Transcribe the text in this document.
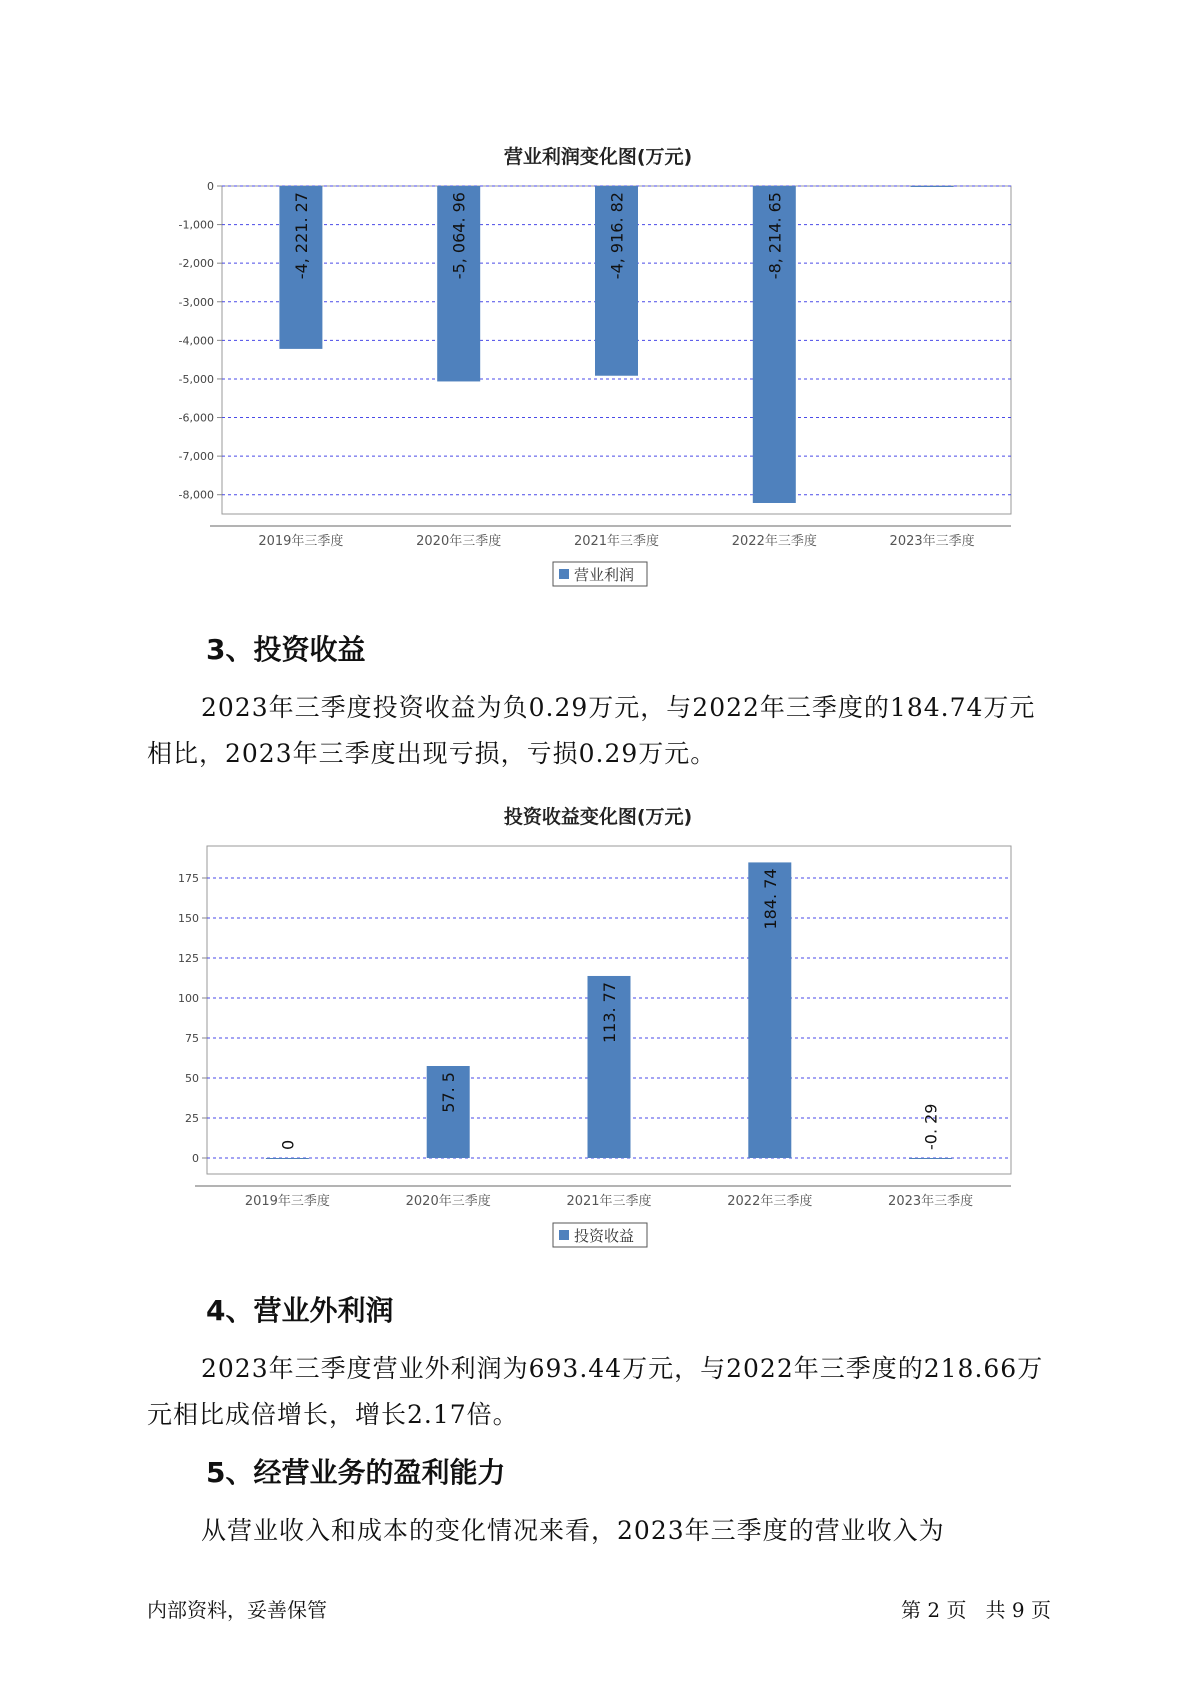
营业利润变化图(万元)
0
-1,000
-2,000
-3,000
-4,000
-5,000
-6,000
-7,000
-8,000
-4, 221. 27
2019年三季度
-5, 064. 96
2020年三季度
-4, 916. 82
2021年三季度
-8, 214. 65
2022年三季度	2023年三季度
营业利润
投资收益变化图(万元)
0
25
50
75
100
125
150
175
0
2019年三季度
57. 5
2020年三季度
113. 77
2021年三季度
184. 74
2022年三季度
-0. 29
2023年三季度
投资收益
3、投资收益
2023年三季度投资收益为负0.29万元，与2022年三季度的184.74万元
相比，2023年三季度出现亏损，亏损0.29万元。
4、营业外利润
2023年三季度营业外利润为693.44万元，与2022年三季度的218.66万
元相比成倍增长，增长2.17倍。
5、经营业务的盈利能力
从营业收入和成本的变化情况来看，2023年三季度的营业收入为
内部资料，妥善保管	第 2 页   共 9 页
